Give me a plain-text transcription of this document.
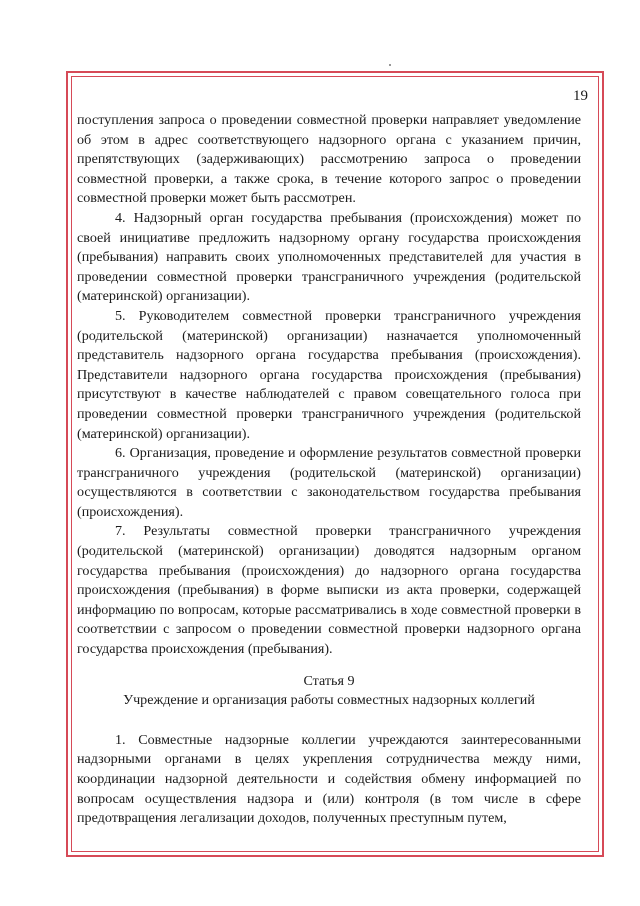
19

поступления запроса о проведении совместной проверки направляет уведомление об этом в адрес соответствующего надзорного органа с указанием причин, препятствующих (задерживающих) рассмотрению запроса о проведении совместной проверки, а также срока, в течение которого запрос о проведении совместной проверки может быть рассмотрен.

4. Надзорный орган государства пребывания (происхождения) может по своей инициативе предложить надзорному органу государства происхождения (пребывания) направить своих уполномоченных представителей для участия в проведении совместной проверки трансграничного учреждения (родительской (материнской) организации).

5. Руководителем совместной проверки трансграничного учреждения (родительской (материнской) организации) назначается уполномоченный представитель надзорного органа государства пребывания (происхождения). Представители надзорного органа государства происхождения (пребывания) присутствуют в качестве наблюдателей с правом совещательного голоса при проведении совместной проверки трансграничного учреждения (родительской (материнской) организации).

6. Организация, проведение и оформление результатов совместной проверки трансграничного учреждения (родительской (материнской) организации) осуществляются в соответствии с законодательством государства пребывания (происхождения).

7. Результаты совместной проверки трансграничного учреждения (родительской (материнской) организации) доводятся надзорным органом государства пребывания (происхождения) до надзорного органа государства происхождения (пребывания) в форме выписки из акта проверки, содержащей информацию по вопросам, которые рассматривались в ходе совместной проверки в соответствии с запросом о проведении совместной проверки надзорного органа государства происхождения (пребывания).

Статья 9

Учреждение и организация работы совместных надзорных коллегий

1. Совместные надзорные коллегии учреждаются заинтересованными надзорными органами в целях укрепления сотрудничества между ними, координации надзорной деятельности и содействия обмену информацией по вопросам осуществления надзора и (или) контроля (в том числе в сфере предотвращения легализации доходов, полученных преступным путем,
